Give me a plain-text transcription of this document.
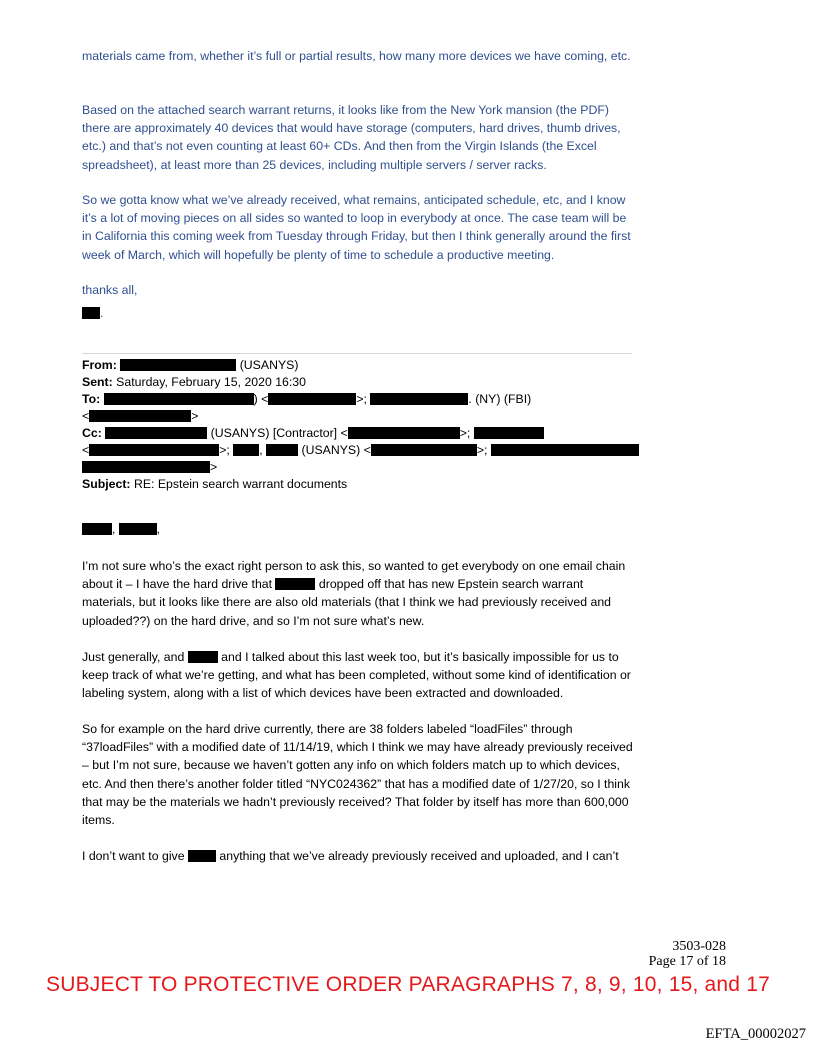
materials came from, whether it’s full or partial results, how many more devices we have coming, etc.

Based on the attached search warrant returns, it looks like from the New York mansion (the PDF) there are approximately 40 devices that would have storage (computers, hard drives, thumb drives, etc.) and that’s not even counting at least 60+ CDs. And then from the Virgin Islands (the Excel spreadsheet), at least more than 25 devices, including multiple servers / server racks.

So we gotta know what we’ve already received, what remains, anticipated schedule, etc, and I know it’s a lot of moving pieces on all sides so wanted to loop in everybody at once. The case team will be in California this coming week from Tuesday through Friday, but then I think generally around the first week of March, which will hopefully be plenty of time to schedule a productive meeting.

thanks all,

.
From:	(USANYS)
Sent: Saturday, February 15, 2020 16:30
To:	) <	>;	. (NY) (FBI)
<	>
Cc:	(USANYS) [Contractor] <	>;
<	>; ,	(USANYS) <	>;
>
Subject: RE: Epstein search warrant documents
,	,

I’m not sure who’s the exact right person to ask this, so wanted to get everybody on one email chain about it – I have the hard drive that	dropped off that has new Epstein search warrant materials, but it looks like there are also old materials (that I think we had previously received and uploaded??) on the hard drive, and so I’m not sure what’s new.

Just generally, and	and I talked about this last week too, but it’s basically impossible for us to keep track of what we’re getting, and what has been completed, without some kind of identification or labeling system, along with a list of which devices have been extracted and downloaded.

So for example on the hard drive currently, there are 38 folders labeled “loadFiles” through “37loadFiles” with a modified date of 11/14/19, which I think we may have already previously received – but I’m not sure, because we haven’t gotten any info on which folders match up to which devices, etc. And then there’s another folder titled “NYC024362” that has a modified date of 1/27/20, so I think that may be the materials we hadn’t previously received? That folder by itself has more than 600,000 items.

I don’t want to give	anything that we’ve already previously received and uploaded, and I can’t

3503-028
Page 17 of 18
SUBJECT TO PROTECTIVE ORDER PARAGRAPHS 7, 8, 9, 10, 15, and 17
EFTA_00002027
